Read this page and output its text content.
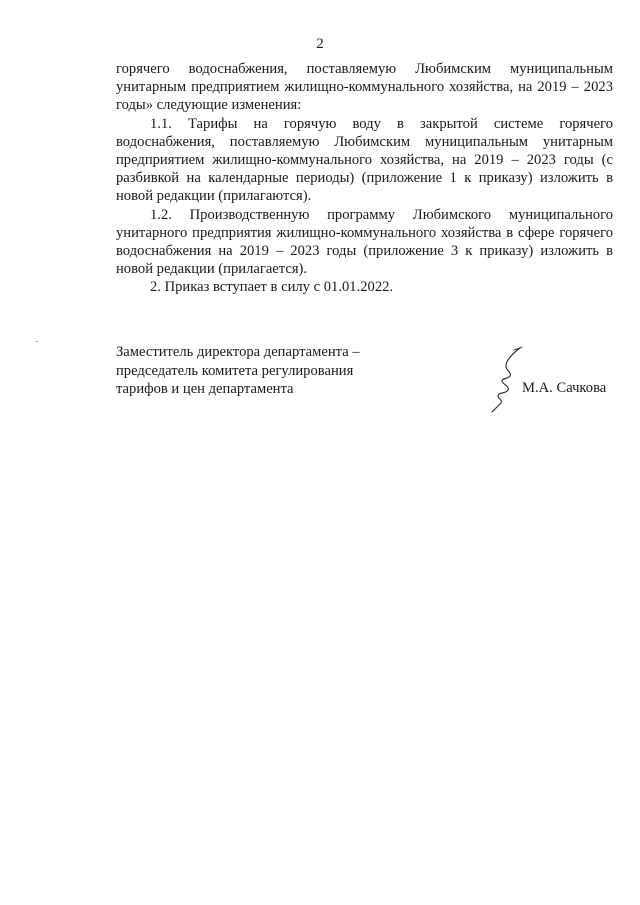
2

горячего водоснабжения, поставляемую Любимским муниципальным унитарным предприятием жилищно-коммунального хозяйства, на 2019 – 2023 годы» следующие изменения:

1.1. Тарифы на горячую воду в закрытой системе горячего водоснабжения, поставляемую Любимским муниципальным унитарным предприятием жилищно-коммунального хозяйства, на 2019 – 2023 годы (с разбивкой на календарные периоды) (приложение 1 к приказу) изложить в новой редакции (прилагаются).

1.2. Производственную программу Любимского муниципального унитарного предприятия жилищно-коммунального хозяйства в сфере горячего водоснабжения на 2019 – 2023 годы (приложение 3 к приказу) изложить в новой редакции (прилагается).

2. Приказ вступает в силу с 01.01.2022.

Заместитель директора департамента –
председатель комитета регулирования
тарифов и цен департамента	М.А. Сачкова
